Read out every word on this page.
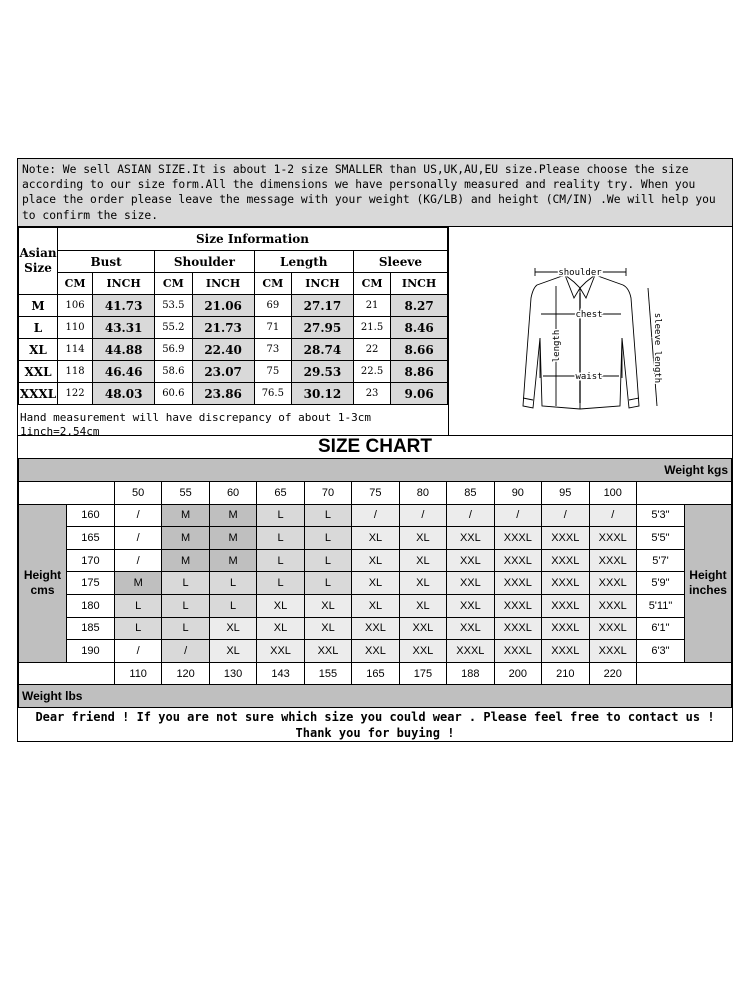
Note: We sell ASIAN SIZE.It is about 1-2 size SMALLER than US,UK,AU,EU size.Please choose the size according to our size form.All the dimensions we have personally measured and reality try. When you place the order please leave the message with your weight (KG/LB) and height (CM/IN) .We will help you to confirm the size.
Asian Size	Size Information							
	Bust		Shoulder		Length		Sleeve	
	CM	INCH	CM	INCH	CM	INCH	CM	INCH
M	106	41.73	53.5	21.06	69	27.17	21	8.27
L	110	43.31	55.2	21.73	71	27.95	21.5	8.46
XL	114	44.88	56.9	22.40	73	28.74	22	8.66
XXL	118	46.46	58.6	23.07	75	29.53	22.5	8.86
XXXL	122	48.03	60.6	23.86	76.5	30.12	23	9.06
Hand measurement will have discrepancy of about 1-3cm
1inch=2.54cm
shoulder
chest
waist
length	sleeve length
SIZE CHART
Weight kgs														
		50	55	60	65	70	75	80	85	90	95	100		
Height cms	160	/	M	M	L	L	/	/	/	/	/	/	5'3"	Height inches
	165	/	M	M	L	L	XL	XL	XXL	XXXL	XXXL	XXXL	5'5"	
	170	/	M	M	L	L	XL	XL	XXL	XXXL	XXXL	XXXL	5'7'	
	175	M	L	L	L	L	XL	XL	XXL	XXXL	XXXL	XXXL	5'9"	
	180	L	L	L	XL	XL	XL	XL	XXL	XXXL	XXXL	XXXL	5'11"	
	185	L	L	XL	XL	XL	XXL	XXL	XXL	XXXL	XXXL	XXXL	6'1"	
	190	/	/	XL	XXL	XXL	XXL	XXL	XXXL	XXXL	XXXL	XXXL	6'3"	
		110	120	130	143	155	165	175	188	200	210	220		
Weight lbs														
Dear friend ! If you are not sure which size you could wear . Please feel free to contact us !
Thank you for buying !
